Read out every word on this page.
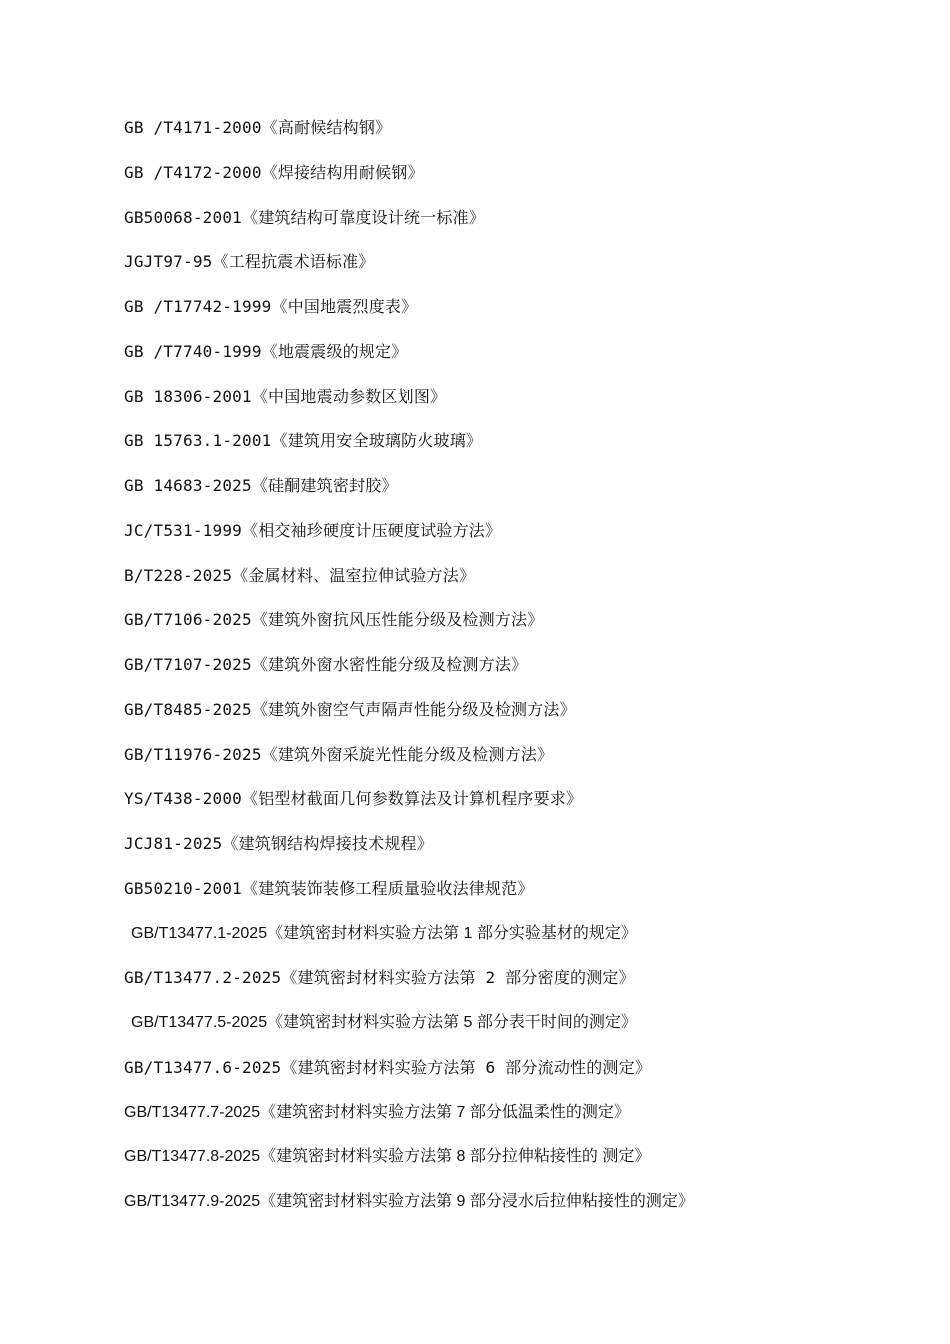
GB /T4171-2000《高耐候结构钢》
GB /T4172-2000《焊接结构用耐候钢》
GB50068-2001《建筑结构可靠度设计统一标准》
JGJT97-95《工程抗震术语标准》
GB /T17742-1999《中国地震烈度表》
GB /T7740-1999《地震震级的规定》
GB 18306-2001《中国地震动参数区划图》
GB 15763.1-2001《建筑用安全玻璃防火玻璃》
GB 14683-2025《硅酮建筑密封胶》
JC/T531-1999《相交袖珍硬度计压硬度试验方法》
B/T228-2025《金属材料、温室拉伸试验方法》
GB/T7106-2025《建筑外窗抗风压性能分级及检测方法》
GB/T7107-2025《建筑外窗水密性能分级及检测方法》
GB/T8485-2025《建筑外窗空气声隔声性能分级及检测方法》
GB/T11976-2025《建筑外窗采旋光性能分级及检测方法》
YS/T438-2000《铝型材截面几何参数算法及计算机程序要求》
JCJ81-2025《建筑钢结构焊接技术规程》
GB50210-2001《建筑装饰装修工程质量验收法律规范》
GB/T13477.1-2025《建筑密封材料实验方法第 1 部分实验基材的规定》
GB/T13477.2-2025《建筑密封材料实验方法第 2 部分密度的测定》
GB/T13477.5-2025《建筑密封材料实验方法第 5 部分表干时间的测定》
GB/T13477.6-2025《建筑密封材料实验方法第 6 部分流动性的测定》
GB/T13477.7-2025《建筑密封材料实验方法第 7 部分低温柔性的测定》
GB/T13477.8-2025《建筑密封材料实验方法第 8 部分拉伸粘接性的 测定》
GB/T13477.9-2025《建筑密封材料实验方法第 9 部分浸水后拉伸粘接性的测定》
